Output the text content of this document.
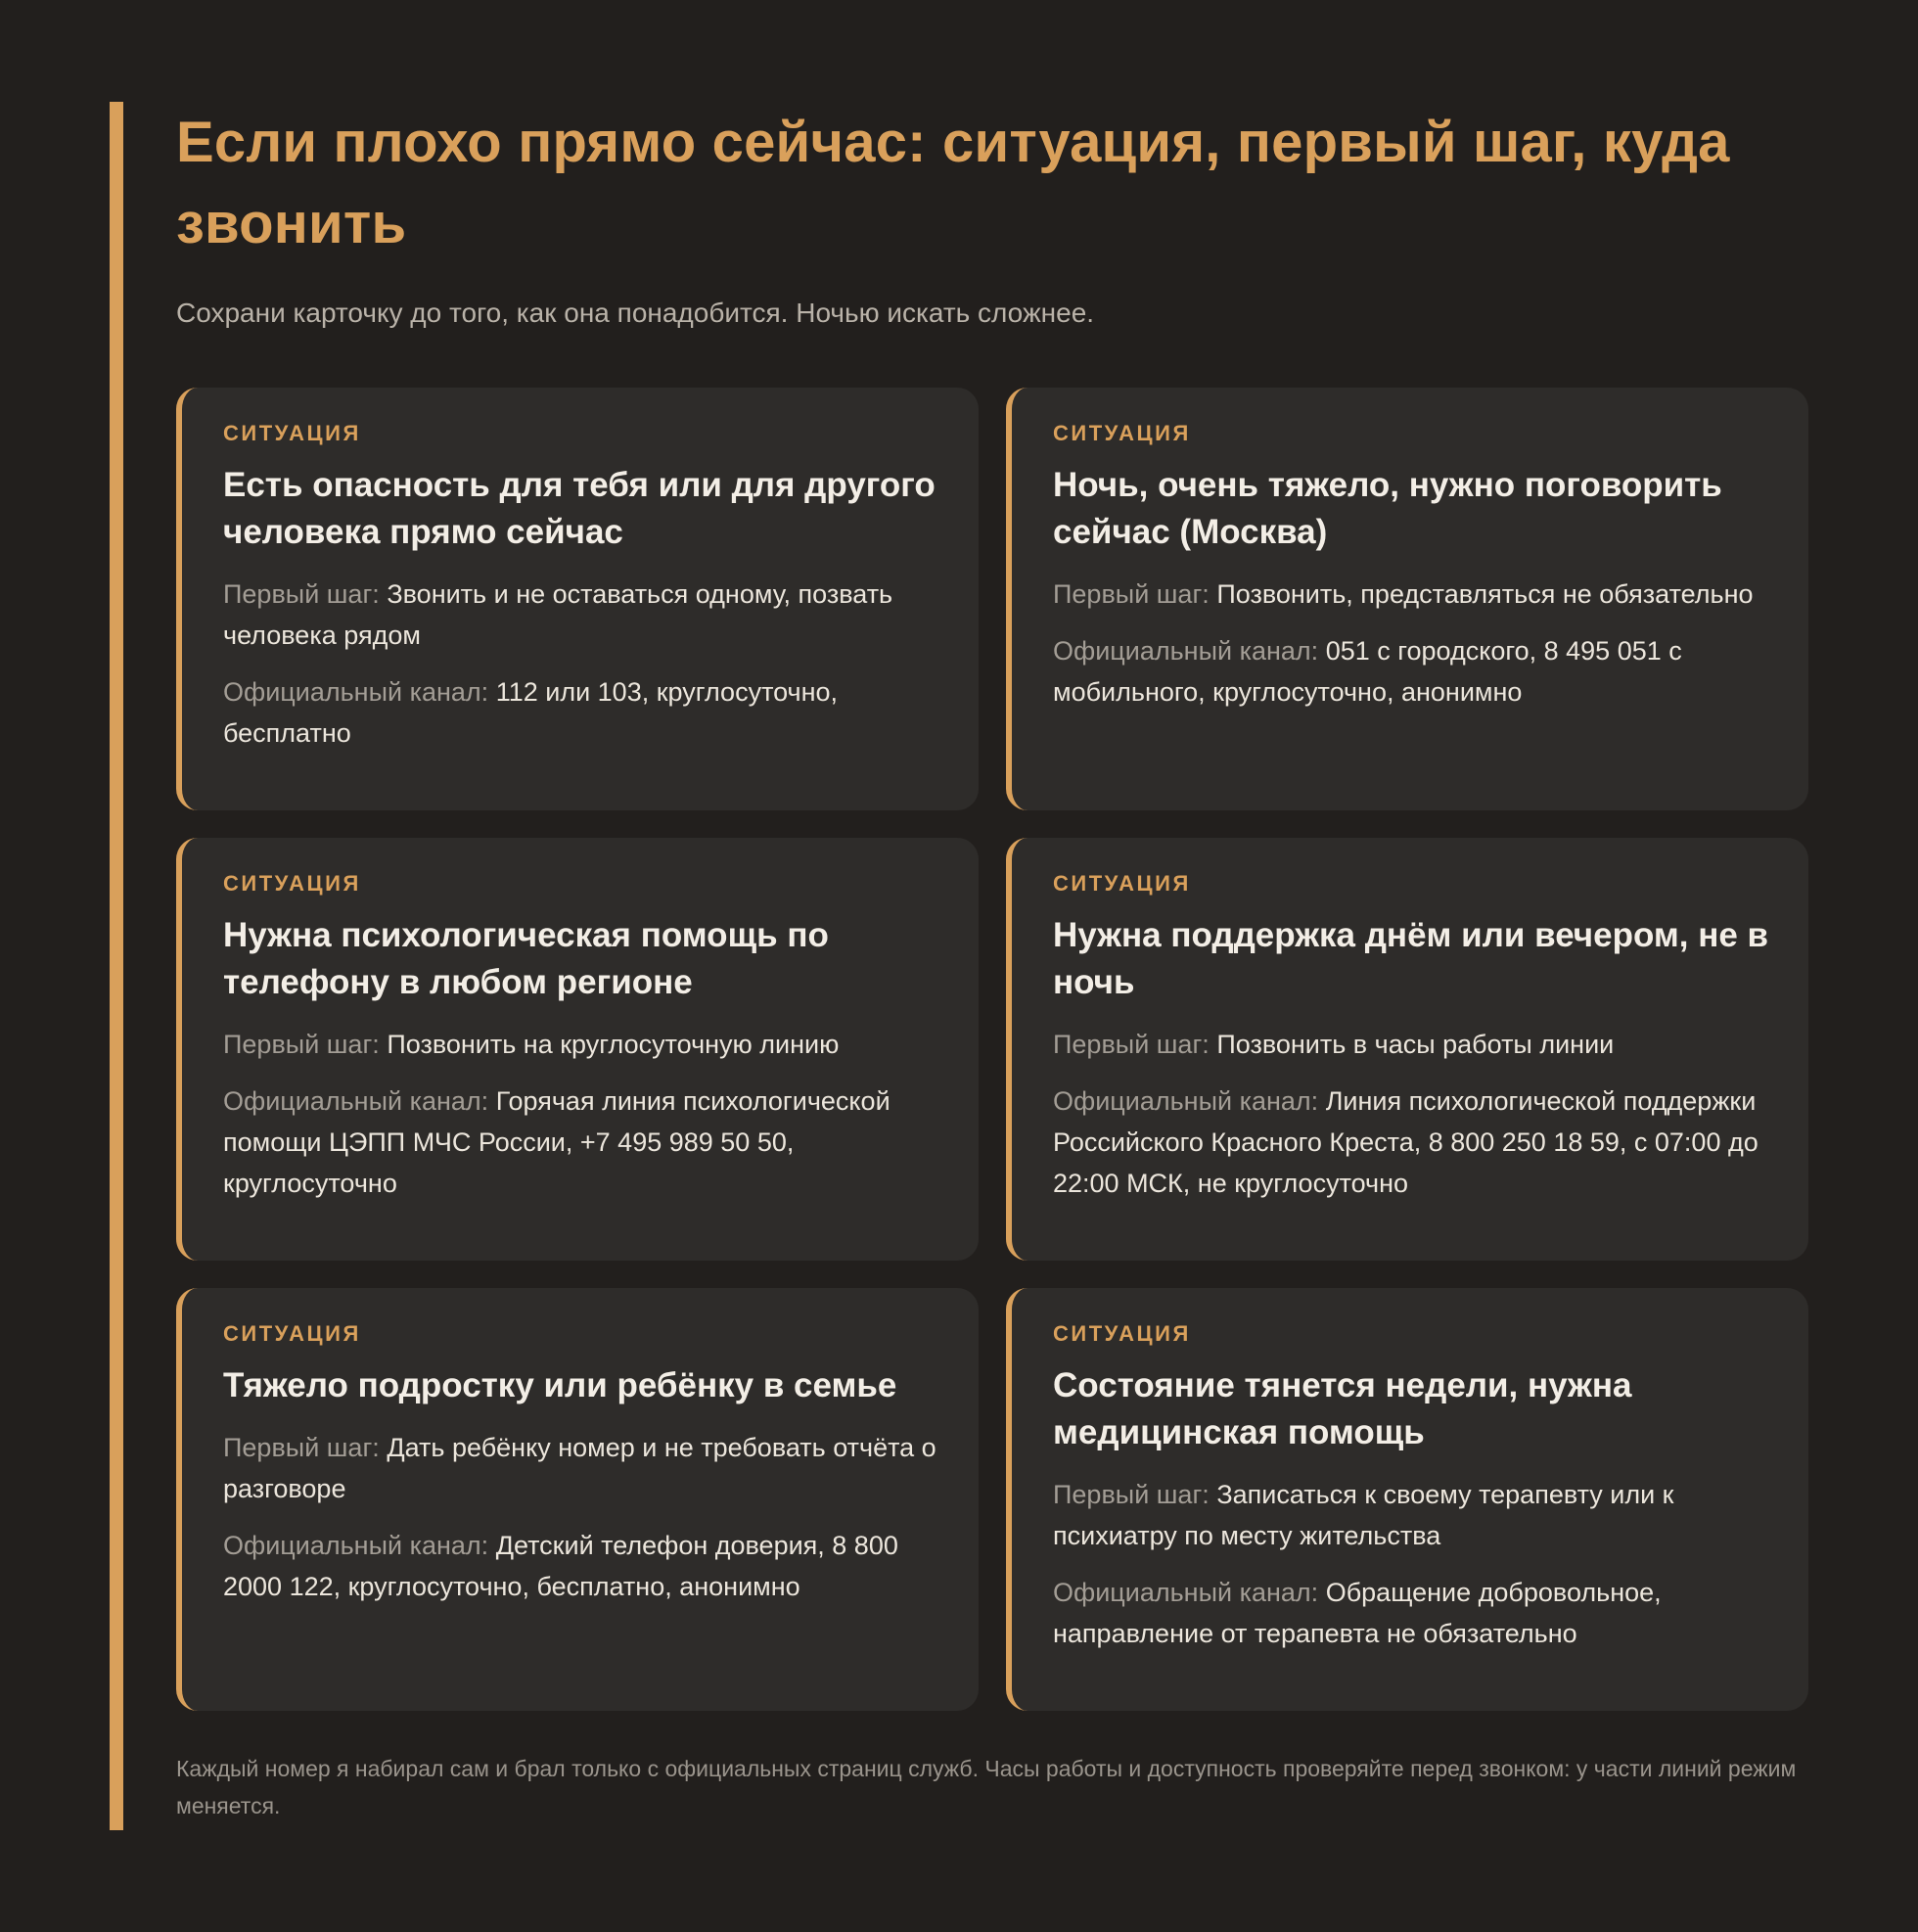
Если плохо прямо сейчас: ситуация, первый шаг, куда звонить

Сохрани карточку до того, как она понадобится. Ночью искать сложнее.

СИТУАЦИЯ
Есть опасность для тебя или для другого человека прямо сейчас

Первый шаг: Звонить и не оставаться одному, позвать человека рядом

Официальный канал: 112 или 103, круглосуточно, бесплатно

СИТУАЦИЯ
Ночь, очень тяжело, нужно поговорить сейчас (Москва)

Первый шаг: Позвонить, представляться не обязательно

Официальный канал: 051 с городского, 8 495 051 с мобильного, круглосуточно, анонимно

СИТУАЦИЯ
Нужна психологическая помощь по телефону в любом регионе

Первый шаг: Позвонить на круглосуточную линию

Официальный канал: Горячая линия психологической помощи ЦЭПП МЧС России, +7 495 989 50 50, круглосуточно

СИТУАЦИЯ
Нужна поддержка днём или вечером, не в ночь

Первый шаг: Позвонить в часы работы линии

Официальный канал: Линия психологической поддержки Российского Красного Креста, 8 800 250 18 59, с 07:00 до 22:00 МСК, не круглосуточно

СИТУАЦИЯ
Тяжело подростку или ребёнку в семье

Первый шаг: Дать ребёнку номер и не требовать отчёта о разговоре

Официальный канал: Детский телефон доверия, 8 800 2000 122, круглосуточно, бесплатно, анонимно

СИТУАЦИЯ
Состояние тянется недели, нужна медицинская помощь

Первый шаг: Записаться к своему терапевту или к психиатру по месту жительства

Официальный канал: Обращение добровольное, направление от терапевта не обязательно

Каждый номер я набирал сам и брал только с официальных страниц служб. Часы работы и доступность проверяйте перед звонком: у части линий режим меняется.
